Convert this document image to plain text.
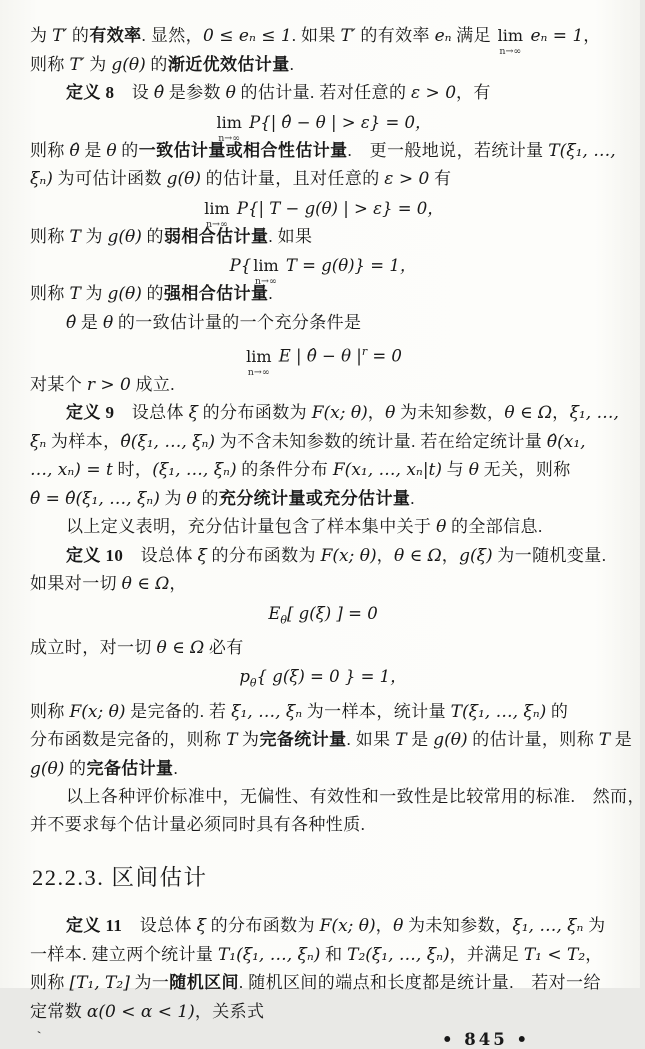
为 T′ 的有效率. 显然，0 ≤ eₙ ≤ 1. 如果 T′ 的有效率 eₙ 满足 lim
n→∞
eₙ = 1，
则称 T′ 为 g(θ) 的渐近优效估计量.
定义 8　设 θ̂ 是参数 θ 的估计量. 若对任意的 ε > 0，有
lim
n→∞
P{| θ̂ − θ | > ε} = 0，
则称 θ̂ 是 θ 的一致估计量或相合性估计量.　更一般地说，若统计量 T(ξ₁, …,
ξₙ) 为可估计函数 g(θ) 的估计量，且对任意的 ε > 0 有
lim
n→∞
P{| T − g(θ) | > ε} = 0，
则称 T 为 g(θ) 的弱相合估计量. 如果
P{ lim
n→∞
T = g(θ)} = 1，
则称 T 为 g(θ) 的强相合估计量.
θ̂ 是 θ 的一致估计量的一个充分条件是
lim
n→∞
E | θ̂ − θ $|^r = 0$
对某个 r > 0 成立.
定义 9　设总体 ξ 的分布函数为 F(x; θ)，θ 为未知参数，θ ∈ Ω，ξ₁, …,
ξₙ 为样本，θ̂(ξ₁, …, ξₙ) 为不含未知参数的统计量. 若在给定统计量 θ̂(x₁,
…, xₙ) = t 时，(ξ₁, …, ξₙ) 的条件分布 F(x₁, …, xₙ|t) 与 θ 无关，则称
θ̂ = θ̂(ξ₁, …, ξₙ) 为 θ 的充分统计量或充分估计量.
以上定义表明，充分估计量包含了样本集中关于 θ 的全部信息.
定义 10　设总体 ξ 的分布函数为 F(x; θ)，θ ∈ Ω，g(ξ) 为一随机变量.
如果对一切 θ ∈ Ω，
$E_\theta$[ g(ξ) ] = 0
成立时，对一切 θ ∈ Ω 必有
$p_\theta${ g(ξ) = 0 } = 1，
则称 F(x; θ) 是完备的. 若 ξ₁, …, ξₙ 为一样本，统计量 T(ξ₁, …, ξₙ) 的
分布函数是完备的，则称 T 为完备统计量. 如果 T 是 g(θ) 的估计量，则称 T 是
g(θ) 的完备估计量.
以上各种评价标准中，无偏性、有效性和一致性是比较常用的标准.　然而，
并不要求每个估计量必须同时具有各种性质.
22.2.3. 区间估计
定义 11　设总体 ξ 的分布函数为 F(x; θ)，θ 为未知参数，ξ₁, …, ξₙ 为
一样本. 建立两个统计量 T₁(ξ₁, …, ξₙ) 和 T₂(ξ₁, …, ξₙ)，并满足 T₁ < T₂，
则称 [T₁, T₂] 为一随机区间. 随机区间的端点和长度都是统计量.　若对一给
定常数 α(0 < α < 1)，关系式
ˋ	• 845 •
